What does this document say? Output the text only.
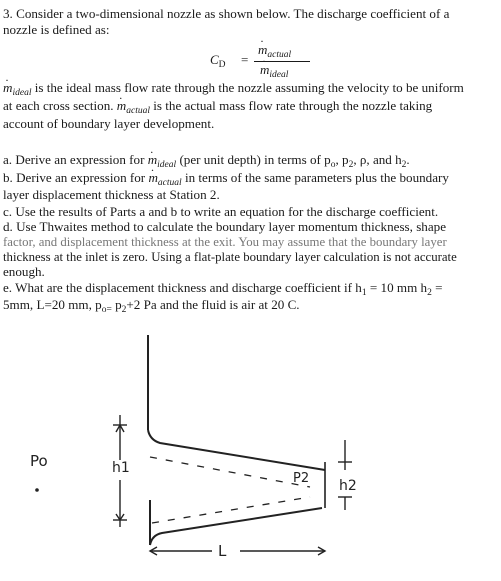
3. Consider a two-dimensional nozzle as shown below. The discharge coefficient of a
nozzle is defined as:
$C_D$ =
· $m_{actual}$
· $m_{ideal}$
· $m_{ideal}$ is the ideal mass flow rate through the nozzle assuming the velocity to be uniform
at each cross section. · $m_{actual}$ is the actual mass flow rate through the nozzle taking
account of boundary layer development.
a. Derive an expression for · $m_{ideal}$ (per unit depth) in terms of $p_o$, $p_2$, ρ, and $h_2$.
b. Derive an expression for · $m_{actual}$ in terms of the same parameters plus the boundary
layer displacement thickness at Station 2.
c. Use the results of Parts a and b to write an equation for the discharge coefficient.
d. Use Thwaites method to calculate the boundary layer momentum thickness, shape
factor, and displacement thickness at the exit. You may assume that the boundary layer
thickness at the inlet is zero. Using a flat-plate boundary layer calculation is not accurate
enough.
e. What are the displacement thickness and discharge coefficient if $h_1 = 10$ mm $h_2$ =
5mm, L=20 mm, $p_{o=}$ $p_2+2$ Pa and the fluid is air at 20 C.
Po	h1
P2 h2
L
